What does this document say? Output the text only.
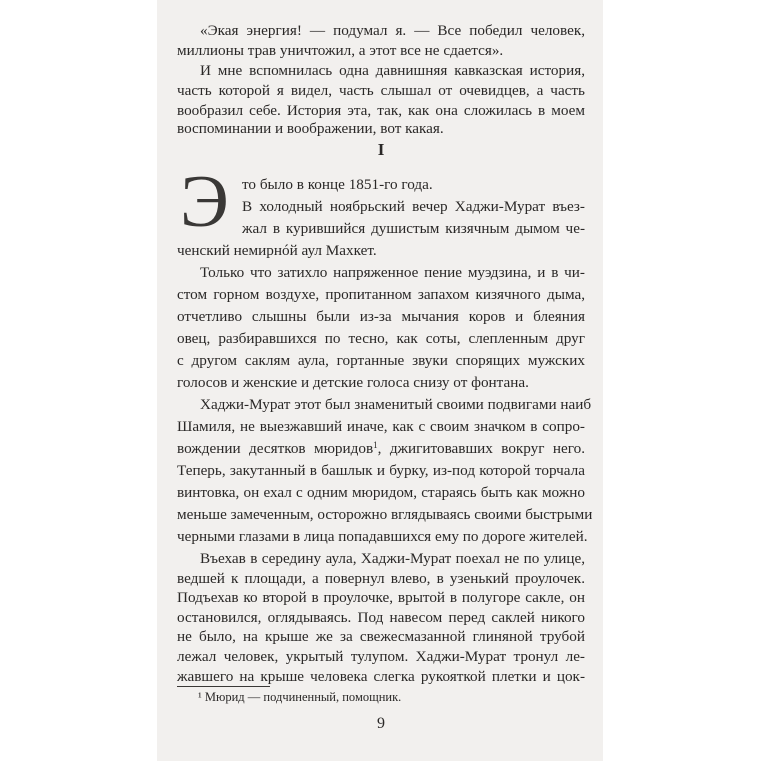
«Экая энергия! — подумал я. — Все победил человек,
миллионы трав уничтожил, а этот все не сдается».
И мне вспомнилась одна давнишняя кавказская история,
часть которой я видел, часть слышал от очевидцев, а часть
вообразил себе. История эта, так, как она сложилась в моем
воспоминании и воображении, вот какая.
I
Э то было в конце 1851-го года.
В холодный ноябрьский вечер Хаджи-Мурат въез-
жал в курившийся душистым кизячным дымом че-
ченский немирнóй аул Махкет.
Только что затихло напряженное пение муэдзина, и в чи-
стом горном воздухе, пропитанном запахом кизячного дыма,
отчетливо слышны были из-за мычания коров и блеяния
овец, разбиравшихся по тесно, как соты, слепленным друг
с другом саклям аула, гортанные звуки спорящих мужских
голосов и женские и детские голоса снизу от фонтана.
Хаджи-Мурат этот был знаменитый своими подвигами наиб
Шамиля, не выезжавший иначе, как с своим значком в сопро-
вождении десятков мюридов$^1$, джигитовавших вокруг него.
Теперь, закутанный в башлык и бурку, из-под которой торчала
винтовка, он ехал с одним мюридом, стараясь быть как можно
меньше замеченным, осторожно вглядываясь своими быстрыми
черными глазами в лица попадавшихся ему по дороге жителей.
¹ Мюрид — подчиненный, помощник.
9
Въехав в середину аула, Хаджи-Мурат поехал не по улице,
ведшей к площади, а повернул влево, в узенький проулочек.
Подъехав ко второй в проулочке, врытой в полугоре сакле, он
остановился, оглядываясь. Под навесом перед саклей никого
не было, на крыше же за свежесмазанной глиняной трубой
лежал человек, укрытый тулупом. Хаджи-Мурат тронул ле-
жавшего на крыше человека слегка рукояткой плетки и цок-
